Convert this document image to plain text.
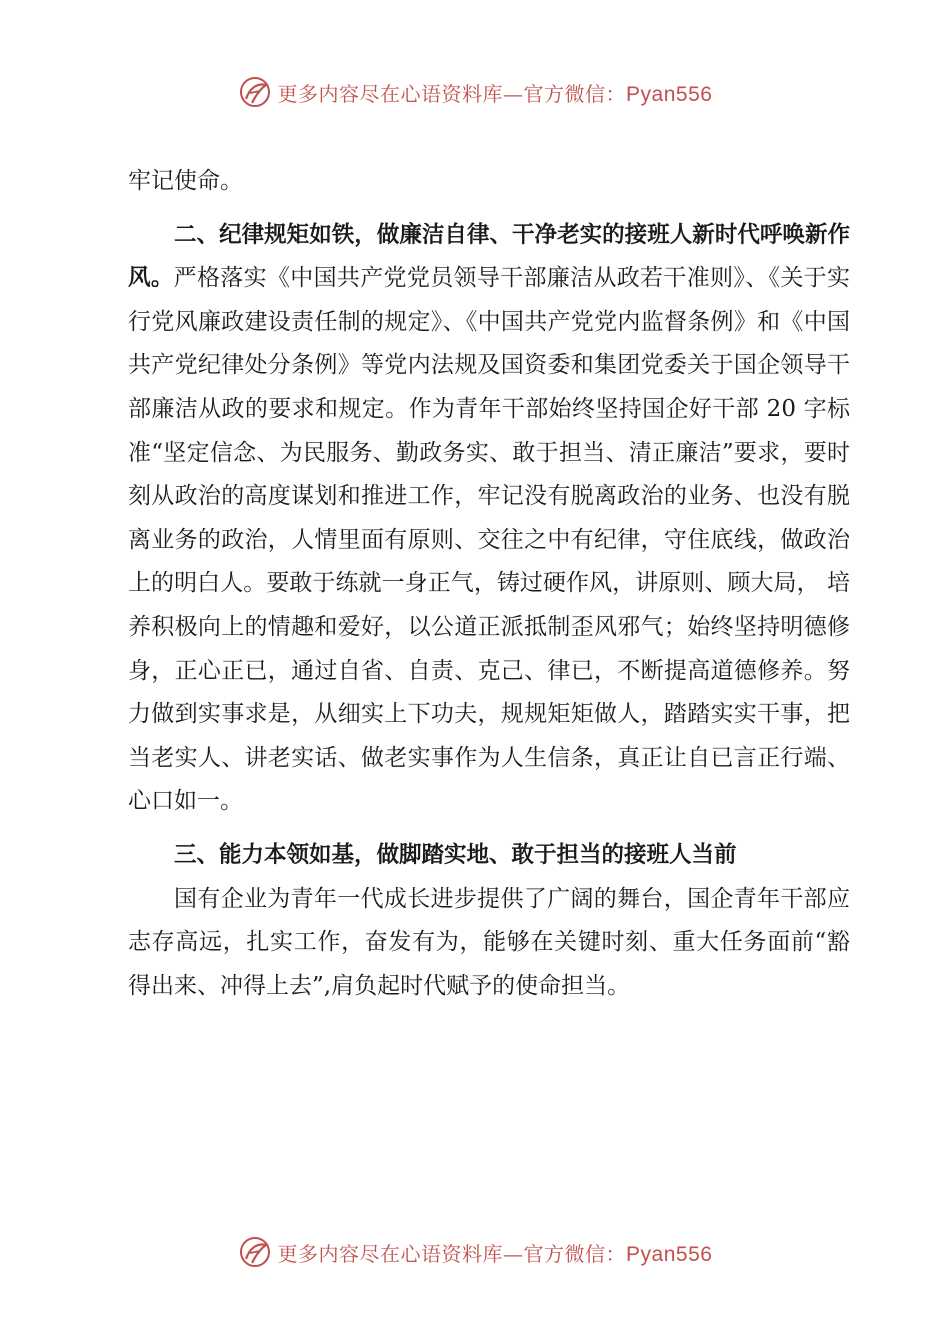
更多内容尽在心语资料库—官方微信：Pyan556

牢记使命。

二、纪律规矩如铁，做廉洁自律、干净老实的接班人新时代呼唤新作风。严格落实《中国共产党党员领导干部廉洁从政若干准则》、《关于实行党风廉政建设责任制的规定》、《中国共产党党内监督条例》和《中国共产党纪律处分条例》等党内法规及国资委和集团党委关于国企领导干部廉洁从政的要求和规定。作为青年干部始终坚持国企好干部 20 字标准“坚定信念、为民服务、勤政务实、敢于担当、清正廉洁”要求，要时刻从政治的高度谋划和推进工作，牢记没有脱离政治的业务、也没有脱离业务的政治，人情里面有原则、交往之中有纪律，守住底线，做政治上的明白人。要敢于练就一身正气，铸过硬作风，讲原则、顾大局， 培养积极向上的情趣和爱好，以公道正派抵制歪风邪气；始终坚持明德修身，正心正已，通过自省、自责、克己、律已，不断提高道德修养。努力做到实事求是，从细实上下功夫，规规矩矩做人，踏踏实实干事，把当老实人、讲老实话、做老实事作为人生信条，真正让自已言正行端、心口如一。

三、能力本领如基，做脚踏实地、敢于担当的接班人当前

国有企业为青年一代成长进步提供了广阔的舞台，国企青年干部应志存高远，扎实工作，奋发有为，能够在关键时刻、重大任务面前“豁得出来、冲得上去”,肩负起时代赋予的使命担当。

更多内容尽在心语资料库—官方微信：Pyan556
